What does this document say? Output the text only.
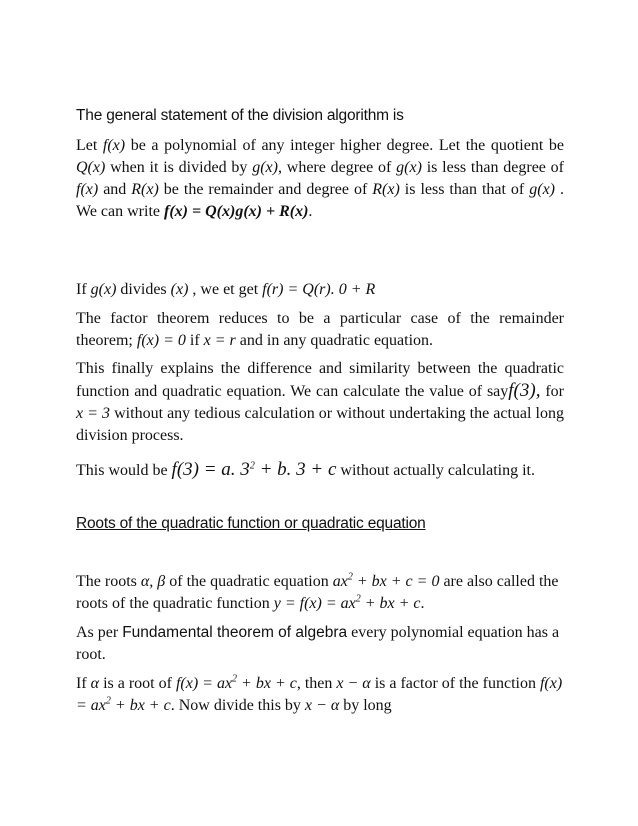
The general statement of the division algorithm is
Let f(x) be a polynomial of any integer higher degree. Let the quotient be Q(x) when it is divided by g(x), where degree of g(x) is less than degree of f(x) and R(x) be the remainder and degree of R(x) is less than that of g(x) . We can write f(x) = Q(x)g(x) + R(x).
If g(x) divides (x) , we et get f(r) = Q(r). 0 + R
The factor theorem reduces to be a particular case of the remainder theorem; f(x) = 0 if x = r and in any quadratic equation.
This finally explains the difference and similarity between the quadratic function and quadratic equation. We can calculate the value of sayf(3), for x = 3 without any tedious calculation or without undertaking the actual long division process.
This would be f(3) = a. $3^2 + b$. 3 + c without actually calculating it.
Roots of the quadratic function or quadratic equation
The roots α, β of the quadratic equation $ax^2$ + bx + c = 0 are also called the roots of the quadratic function $y = f(x) = ax^2$ + bx + c.
As per Fundamental theorem of algebra every polynomial equation has a root.
If α is a root of $f(x) = ax^2$ + bx + c, then x − α is a factor of the function $f(x) = ax^2$ + bx + c. Now divide this by x − α by long
